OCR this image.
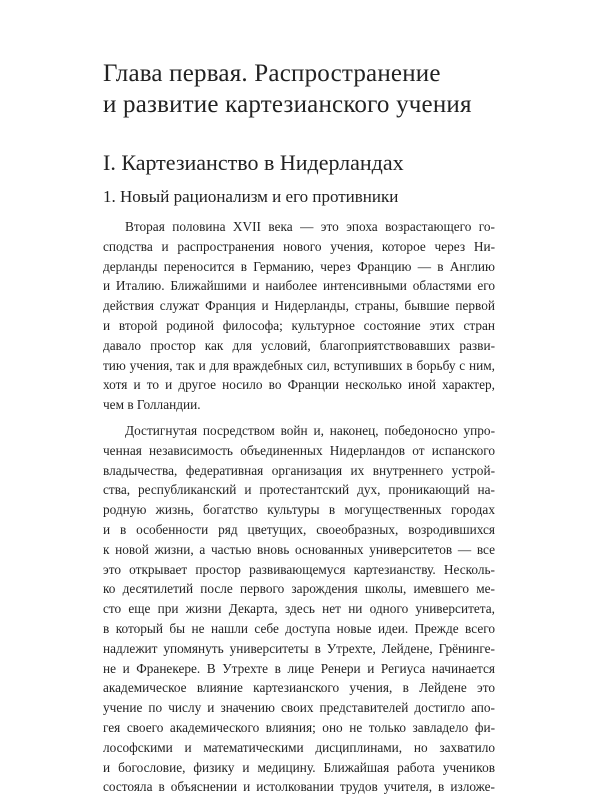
Глава первая. Распространение
и развитие картезианского учения
I. Картезианство в Нидерландах
1. Новый рационализм и его противники

Вторая половина XVII века — это эпоха возрастающего го-
сподства и распространения нового учения, которое через Ни-
дерланды переносится в Германию, через Францию — в Англию
и Италию. Ближайшими и наиболее интенсивными областями его
действия служат Франция и Нидерланды, страны, бывшие первой
и второй родиной философа; культурное состояние этих стран
давало простор как для условий, благоприятствовавших разви-
тию учения, так и для враждебных сил, вступивших в борьбу с ним,
хотя и то и другое носило во Франции несколько иной характер,
чем в Голландии.

Достигнутая посредством войн и, наконец, победоносно упро-
ченная независимость объединенных Нидерландов от испанского
владычества, федеративная организация их внутреннего устрой-
ства, республиканский и протестантский дух, проникающий на-
родную жизнь, богатство культуры в могущественных городах
и в особенности ряд цветущих, своеобразных, возродившихся
к новой жизни, а частью вновь основанных университетов — все
это открывает простор развивающемуся картезианству. Несколь-
ко десятилетий после первого зарождения школы, имевшего ме-
сто еще при жизни Декарта, здесь нет ни одного университета,
в который бы не нашли себе доступа новые идеи. Прежде всего
надлежит упомянуть университеты в Утрехте, Лейдене, Грёнинге-
не и Франекере. В Утрехте в лице Ренери и Региуса начинается
академическое влияние картезианского учения, в Лейдене это
учение по числу и значению своих представителей достигло апо-
гея своего академического влияния; оно не только завладело фи-
лософскими и математическими дисциплинами, но захватило
и богословие, физику и медицину. Ближайшая работа учеников
состояла в объяснении и истолковании трудов учителя, в изложе-
